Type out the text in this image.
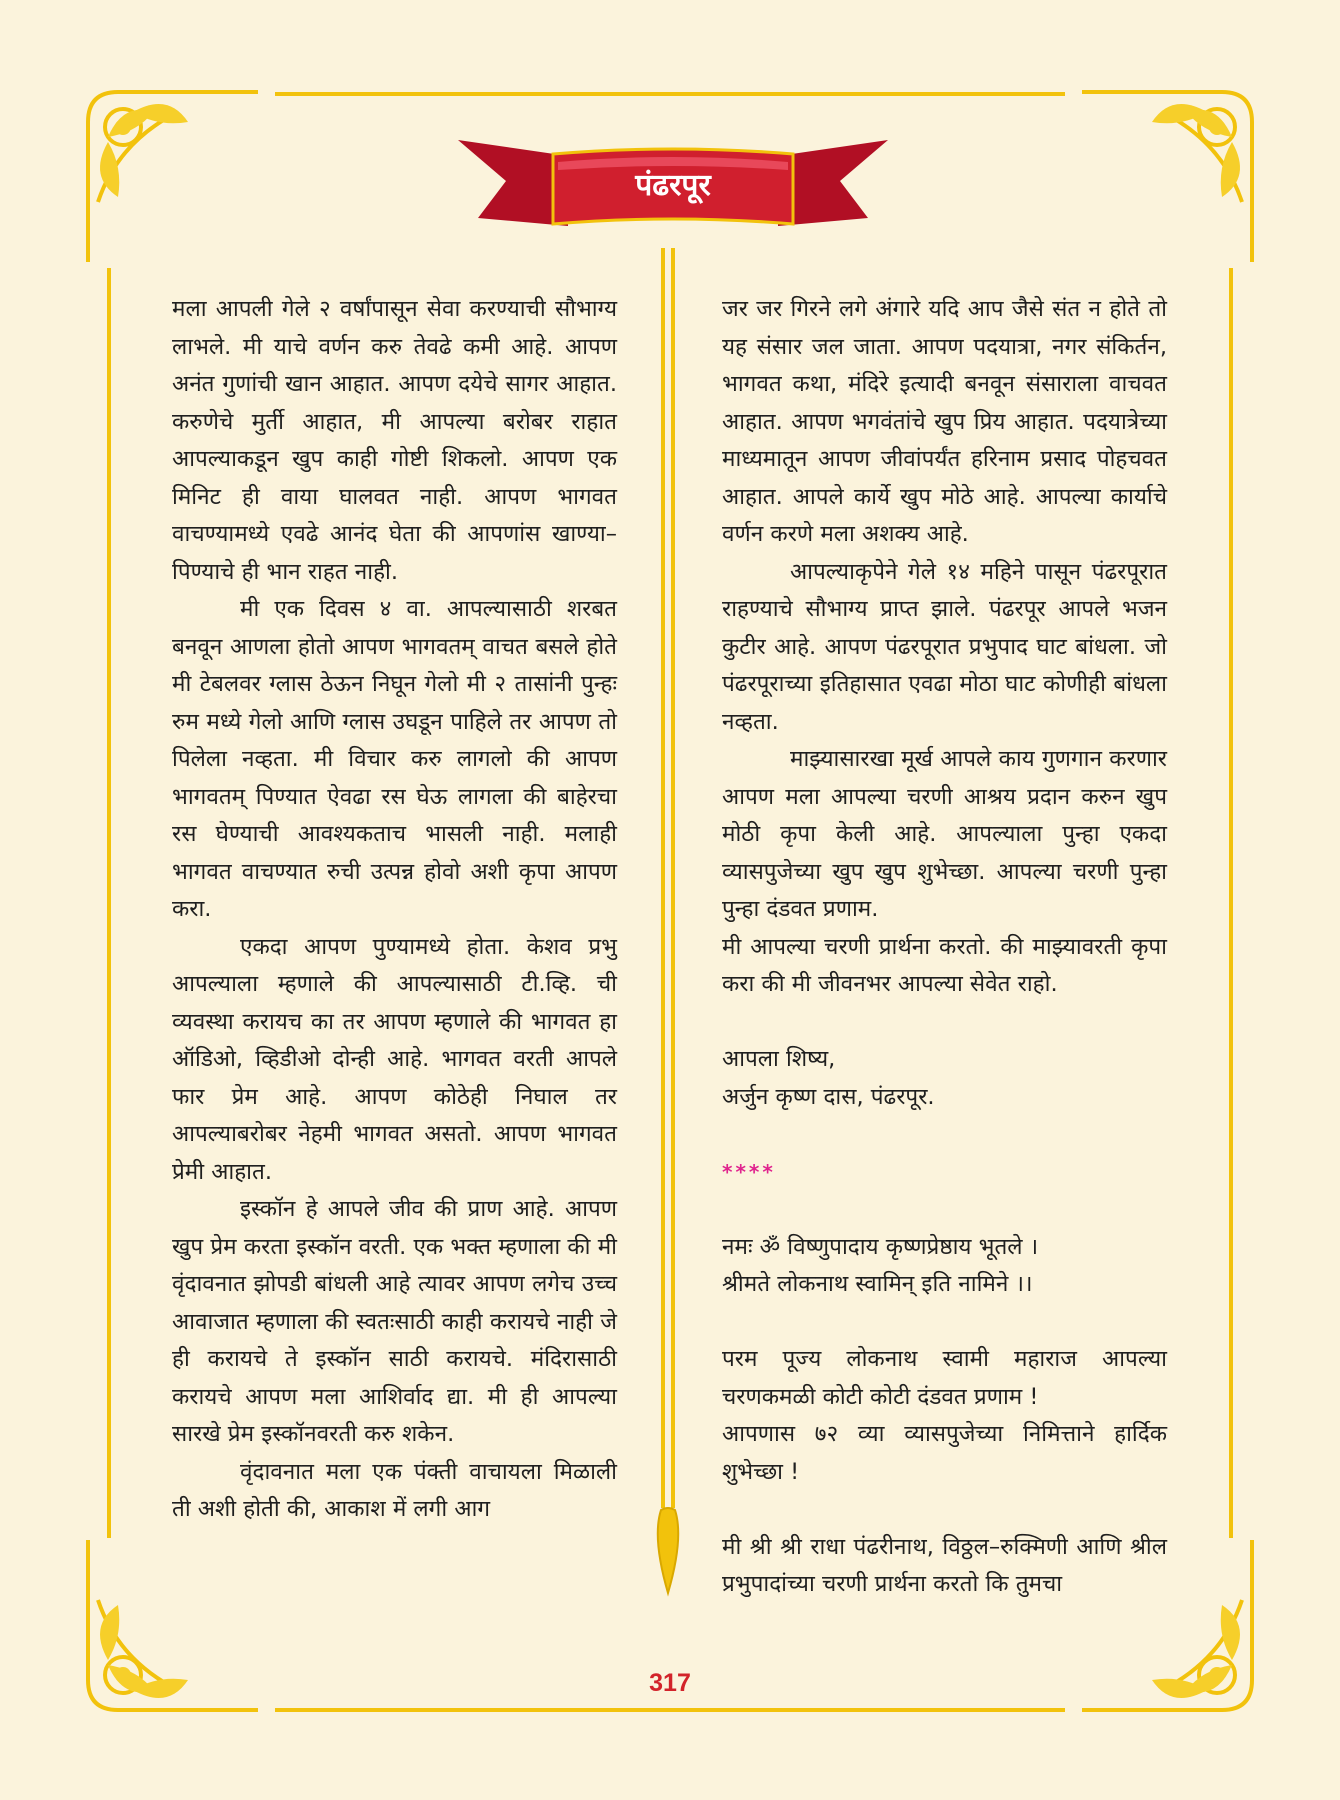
पंढरपूर

मला आपली गेले २ वर्षांपासून सेवा करण्याची सौभाग्य लाभले. मी याचे वर्णन करु तेवढे कमी आहे. आपण अनंत गुणांची खान आहात. आपण दयेचे सागर आहात. करुणेचे मुर्ती आहात, मी आपल्या बरोबर राहात आपल्याकडून खुप काही गोष्टी शिकलो. आपण एक मिनिट ही वाया घालवत नाही. आपण भागवत वाचण्यामध्ये एवढे आनंद घेता की आपणांस खाण्या–पिण्याचे ही भान राहत नाही.

मी एक दिवस ४ वा. आपल्यासाठी शरबत बनवून आणला होतो आपण भागवतम् वाचत बसले होते मी टेबलवर ग्लास ठेऊन निघून गेलो मी २ तासांनी पुन्हः रुम मध्ये गेलो आणि ग्लास उघडून पाहिले तर आपण तो पिलेला नव्हता. मी विचार करु लागलो की आपण भागवतम् पिण्यात ऐवढा रस घेऊ लागला की बाहेरचा रस घेण्याची आवश्यकताच भासली नाही. मलाही भागवत वाचण्यात रुची उत्पन्न होवो अशी कृपा आपण करा.

एकदा आपण पुण्यामध्ये होता. केशव प्रभु आपल्याला म्हणाले की आपल्यासाठी टी.व्हि. ची व्यवस्था करायच का तर आपण म्हणाले की भागवत हा ऑडिओ, व्हिडीओ दोन्ही आहे. भागवत वरती आपले फार प्रेम आहे. आपण कोठेही निघाल तर आपल्याबरोबर नेहमी भागवत असतो. आपण भागवत प्रेमी आहात.

इस्कॉन हे आपले जीव की प्राण आहे. आपण खुप प्रेम करता इस्कॉन वरती. एक भक्त म्हणाला की मी वृंदावनात झोपडी बांधली आहे त्यावर आपण लगेच उच्च आवाजात म्हणाला की स्वतःसाठी काही करायचे नाही जे ही करायचे ते इस्कॉन साठी करायचे. मंदिरासाठी करायचे आपण मला आशिर्वाद द्या. मी ही आपल्या सारखे प्रेम इस्कॉनवरती करु शकेन.

वृंदावनात मला एक पंक्ती वाचायला मिळाली ती अशी होती की, आकाश में लगी आग

जर जर गिरने लगे अंगारे यदि आप जैसे संत न होते तो यह संसार जल जाता. आपण पदयात्रा, नगर संकिर्तन, भागवत कथा, मंदिरे इत्यादी बनवून संसाराला वाचवत आहात. आपण भगवंतांचे खुप प्रिय आहात. पदयात्रेच्या माध्यमातून आपण जीवांपर्यंत हरिनाम प्रसाद पोहचवत आहात. आपले कार्ये खुप मोठे आहे. आपल्या कार्याचे वर्णन करणे मला अशक्य आहे.

आपल्याकृपेने गेले १४ महिने पासून पंढरपूरात राहण्याचे सौभाग्य प्राप्त झाले. पंढरपूर आपले भजन कुटीर आहे. आपण पंढरपूरात प्रभुपाद घाट बांधला. जो पंढरपूराच्या इतिहासात एवढा मोठा घाट कोणीही बांधला नव्हता.

माझ्यासारखा मूर्ख आपले काय गुणगान करणार आपण मला आपल्या चरणी आश्रय प्रदान करुन खुप मोठी कृपा केली आहे. आपल्याला पुन्हा एकदा व्यासपुजेच्या खुप खुप शुभेच्छा. आपल्या चरणी पुन्हा पुन्हा दंडवत प्रणाम.

मी आपल्या चरणी प्रार्थना करतो. की माझ्यावरती कृपा करा की मी जीवनभर आपल्या सेवेत राहो.

आपला शिष्य,

अर्जुन कृष्ण दास, पंढरपूर.

****

नमः ॐ विष्णुपादाय कृष्णप्रेष्ठाय भूतले ।

श्रीमते लोकनाथ स्वामिन् इति नामिने ।।

परम पूज्य लोकनाथ स्वामी महाराज आपल्या चरणकमळी कोटी कोटी दंडवत प्रणाम !

आपणास ७२ व्या व्यासपुजेच्या निमित्ताने हार्दिक शुभेच्छा !

मी श्री श्री राधा पंढरीनाथ, विठ्ठल–रुक्मिणी आणि श्रील प्रभुपादांच्या चरणी प्रार्थना करतो कि तुमचा

317
